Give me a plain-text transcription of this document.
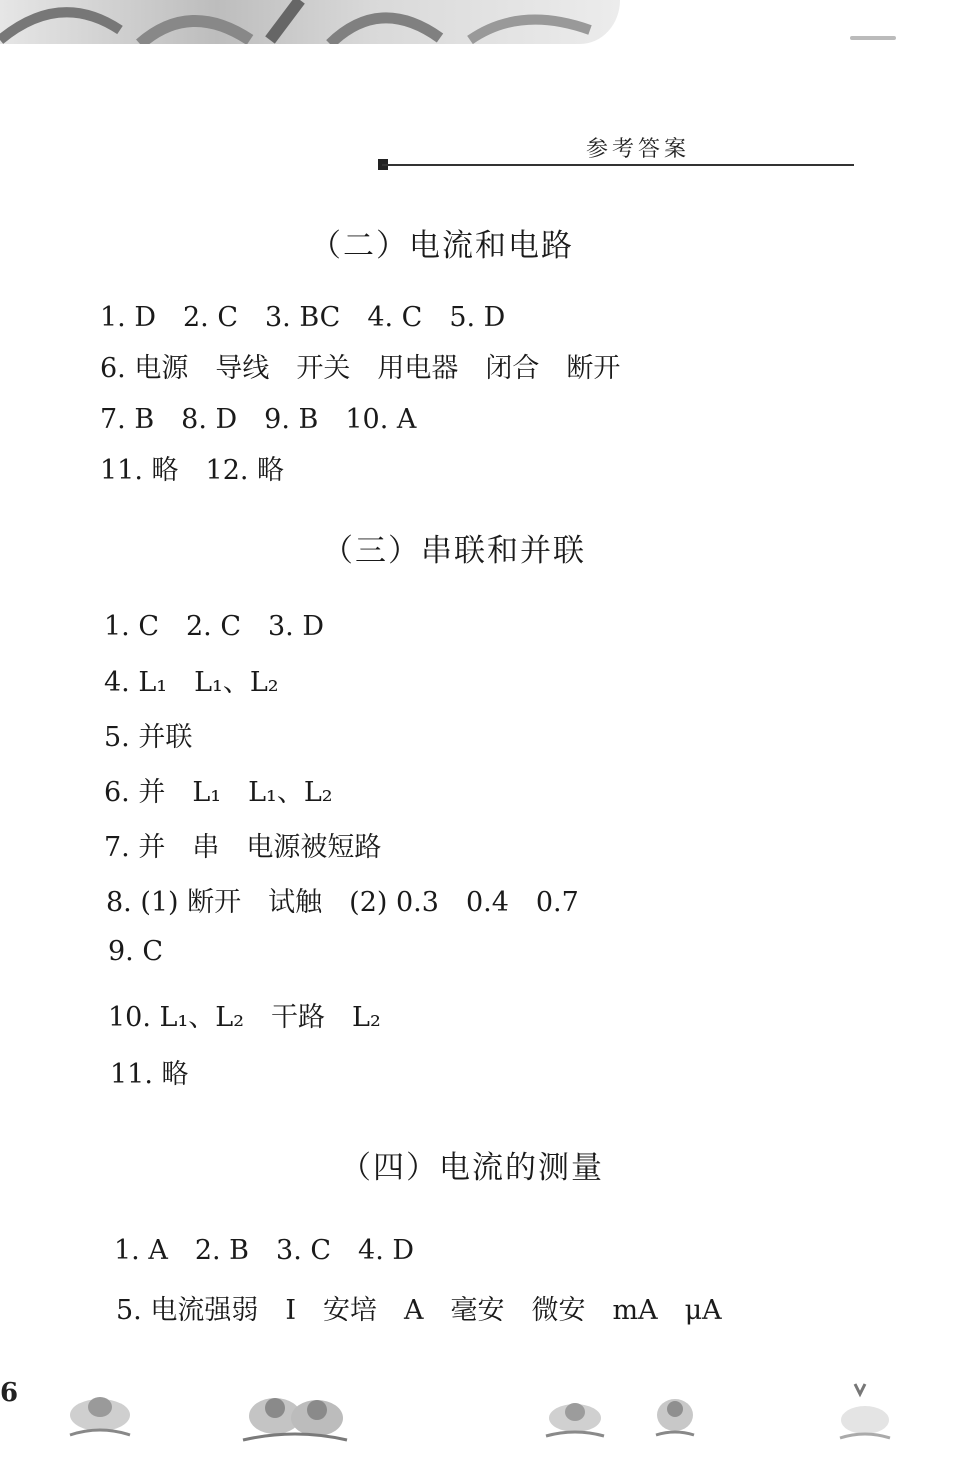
参考答案
（二）电流和电路
1. D　2. C　3. BC　4. C　5. D
6. 电源　导线　开关　用电器　闭合　断开
7. B　8. D　9. B　10. A
11. 略　12. 略
（三）串联和并联
1. C　2. C　3. D
4. L₁　L₁、L₂
5. 并联
6. 并　L₁　L₁、L₂
7. 并　串　电源被短路
8. (1) 断开　试触　(2) 0.3　0.4　0.7
9. C
10. L₁、L₂　干路　L₂
11. 略
（四）电流的测量
1. A　2. B　3. C　4. D
5. 电流强弱　I　安培　A　毫安　微安　mA　μA
6
